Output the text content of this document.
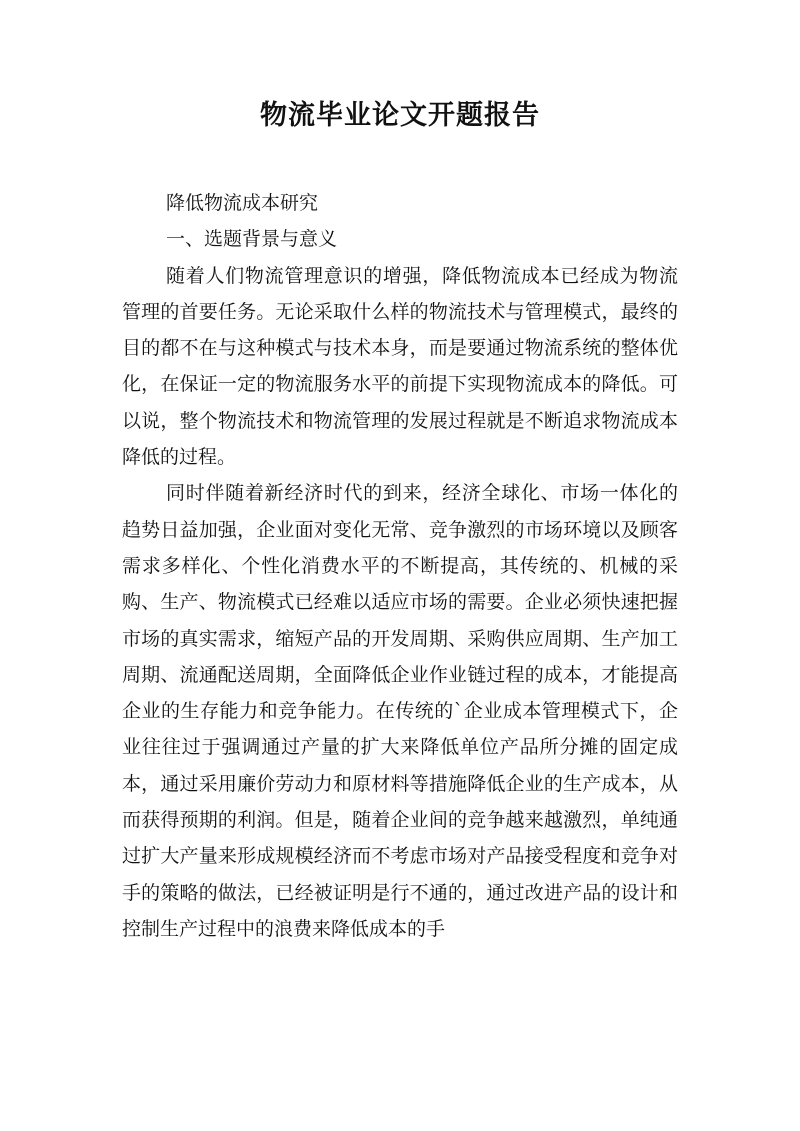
物流毕业论文开题报告

降低物流成本研究

一、选题背景与意义

随着人们物流管理意识的增强，降低物流成本已经成为物流管理的首要任务。无论采取什么样的物流技术与管理模式，最终的目的都不在与这种模式与技术本身，而是要通过物流系统的整体优化，在保证一定的物流服务水平的前提下实现物流成本的降低。可以说，整个物流技术和物流管理的发展过程就是不断追求物流成本降低的过程。

同时伴随着新经济时代的到来，经济全球化、市场一体化的趋势日益加强，企业面对变化无常、竞争激烈的市场环境以及顾客需求多样化、个性化消费水平的不断提高，其传统的、机械的采购、生产、物流模式已经难以适应市场的需要。企业必须快速把握市场的真实需求，缩短产品的开发周期、采购供应周期、生产加工周期、流通配送周期，全面降低企业作业链过程的成本，才能提高企业的生存能力和竞争能力。在传统的`企业成本管理模式下，企业往往过于强调通过产量的扩大来降低单位产品所分摊的固定成本，通过采用廉价劳动力和原材料等措施降低企业的生产成本，从而获得预期的利润。但是，随着企业间的竞争越来越激烈，单纯通过扩大产量来形成规模经济而不考虑市场对产品接受程度和竞争对手的策略的做法，已经被证明是行不通的，通过改进产品的设计和控制生产过程中的浪费来降低成本的手
